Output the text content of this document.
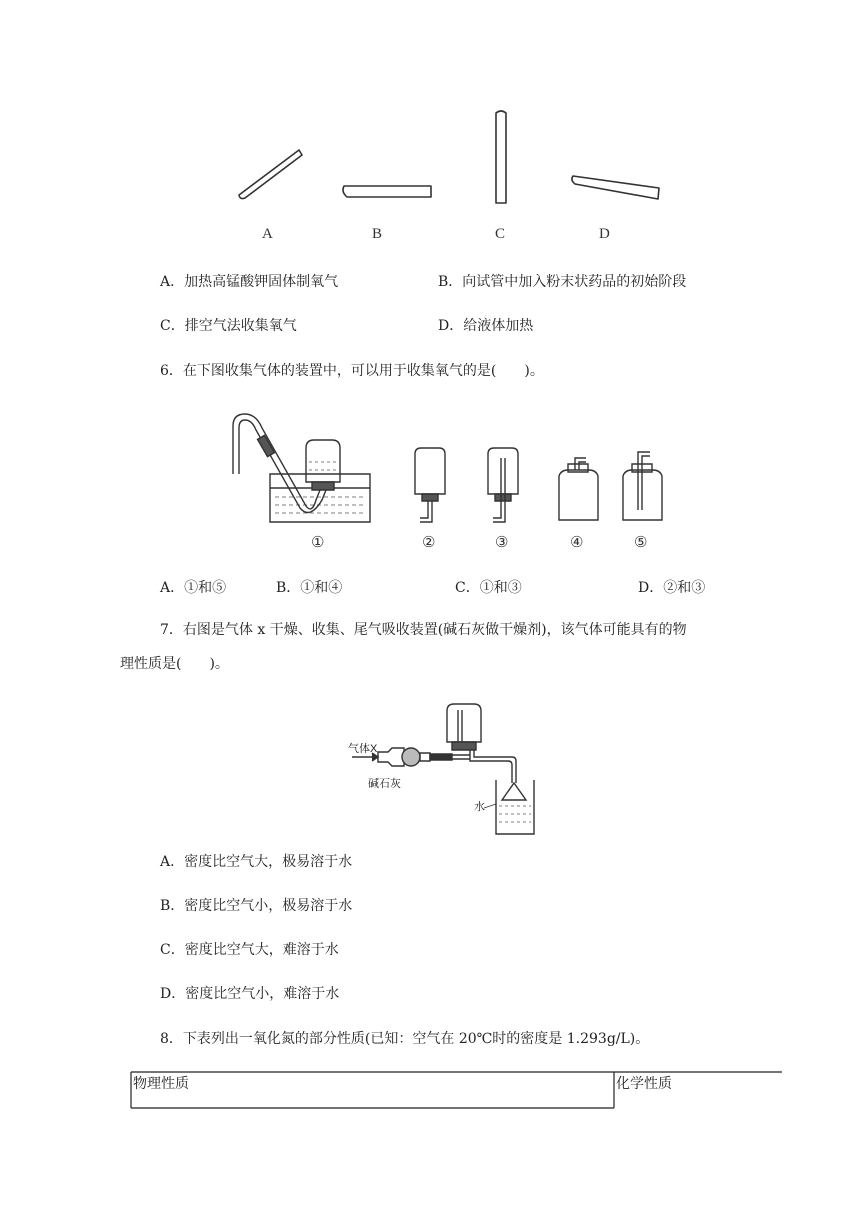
A	B	C	D
A．加热高锰酸钾固体制氧气	B．向试管中加入粉末状药品的初始阶段
C．排空气法收集氧气	D．给液体加热
6．在下图收集气体的装置中，可以用于收集氧气的是(　　)。
①	②	③	④	⑤
A．①和⑤	B．①和④	C．①和③	D．②和③
7．右图是气体 x 干燥、收集、尾气吸收装置(碱石灰做干燥剂)，该气体可能具有的物
理性质是(　　)。
气体X
碱石灰
水
A．密度比空气大，极易溶于水
B．密度比空气小，极易溶于水
C．密度比空气大，难溶于水
D．密度比空气小，难溶于水
8．下表列出一氧化氮的部分性质(已知：空气在 20℃时的密度是 1.293g/L)。
物理性质	化学性质
